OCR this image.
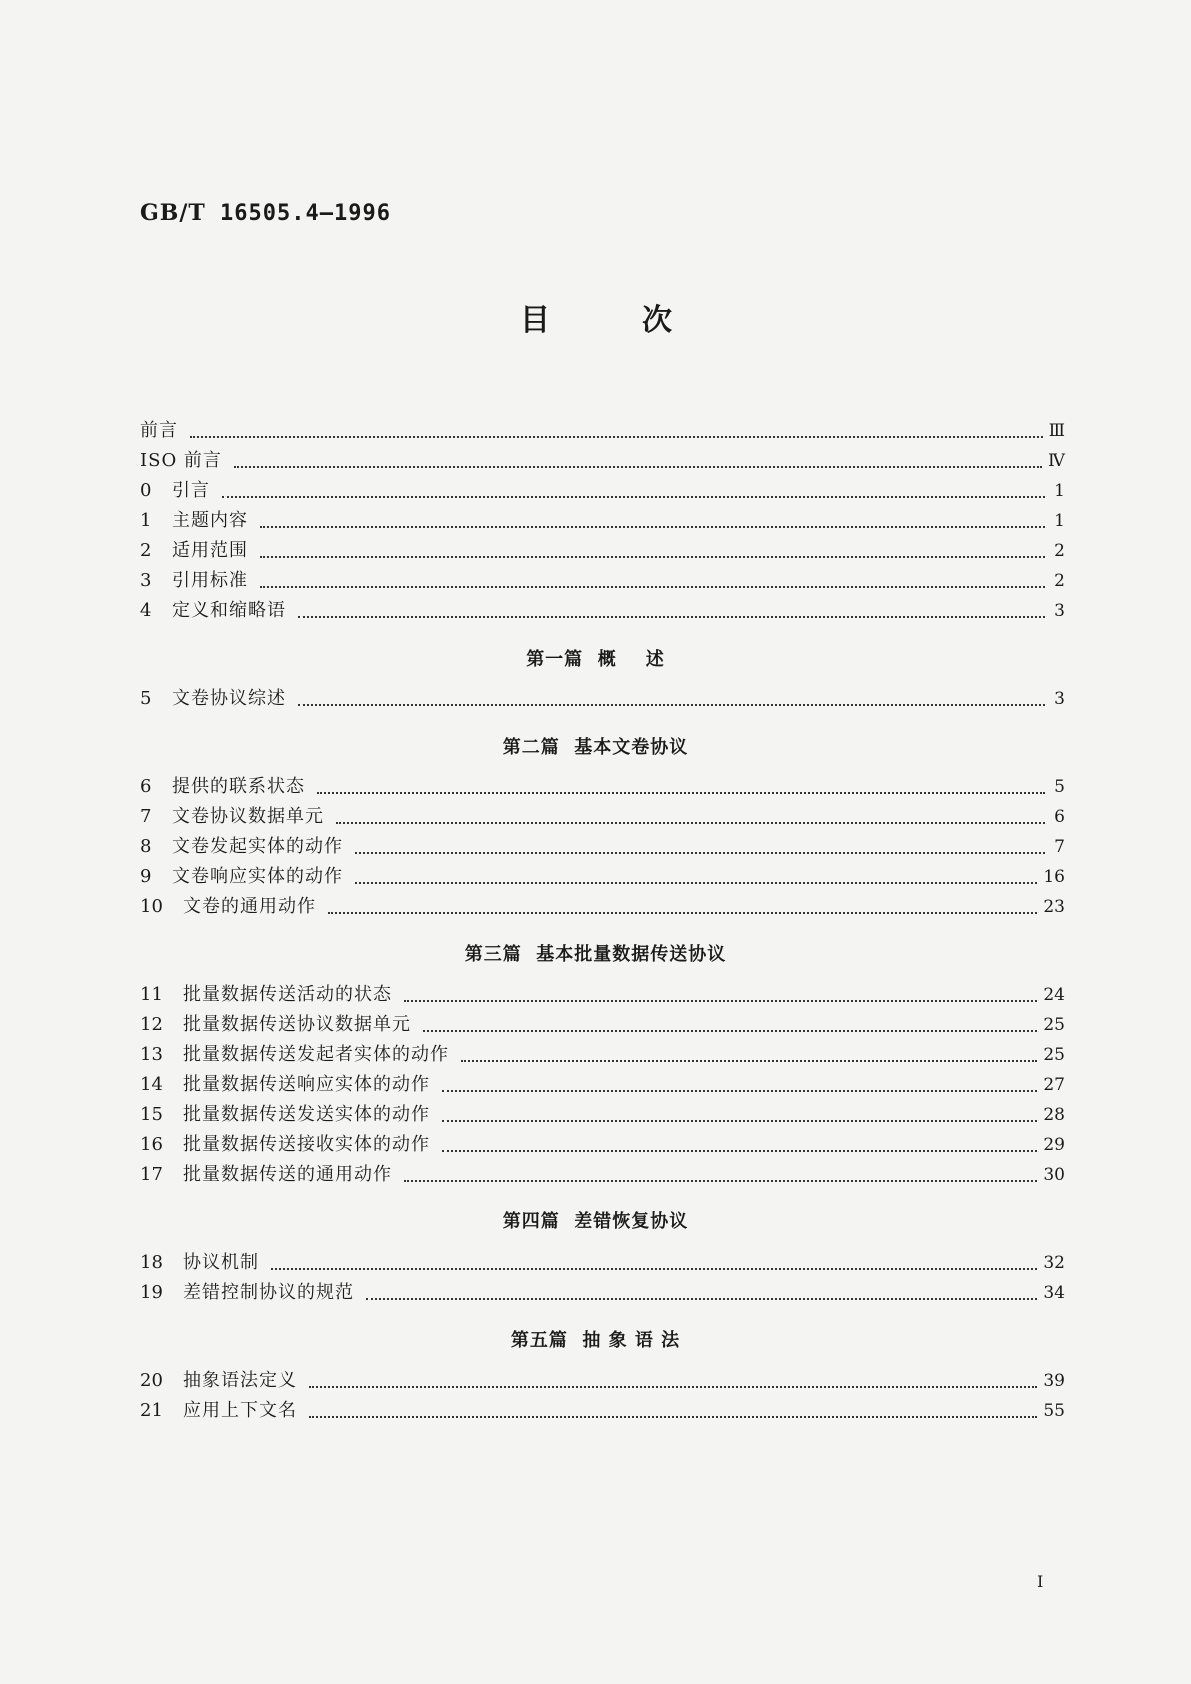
GB/T 16505.4—1996
目次
前言	Ⅲ
ISO 前言	Ⅳ
0	引言	1
1	主题内容	1
2	适用范围	2
3	引用标准	2
4	定义和缩略语	3
第一篇  概    述
5	文卷协议综述	3
第二篇  基本文卷协议
6	提供的联系状态	5
7	文卷协议数据单元	6
8	文卷发起实体的动作	7
9	文卷响应实体的动作	16
10	文卷的通用动作	23
第三篇  基本批量数据传送协议
11	批量数据传送活动的状态	24
12	批量数据传送协议数据单元	25
13	批量数据传送发起者实体的动作	25
14	批量数据传送响应实体的动作	27
15	批量数据传送发送实体的动作	28
16	批量数据传送接收实体的动作	29
17	批量数据传送的通用动作	30
第四篇  差错恢复协议
18	协议机制	32
19	差错控制协议的规范	34
第五篇  抽 象 语 法
20	抽象语法定义	39
21	应用上下文名	55
Ⅰ
